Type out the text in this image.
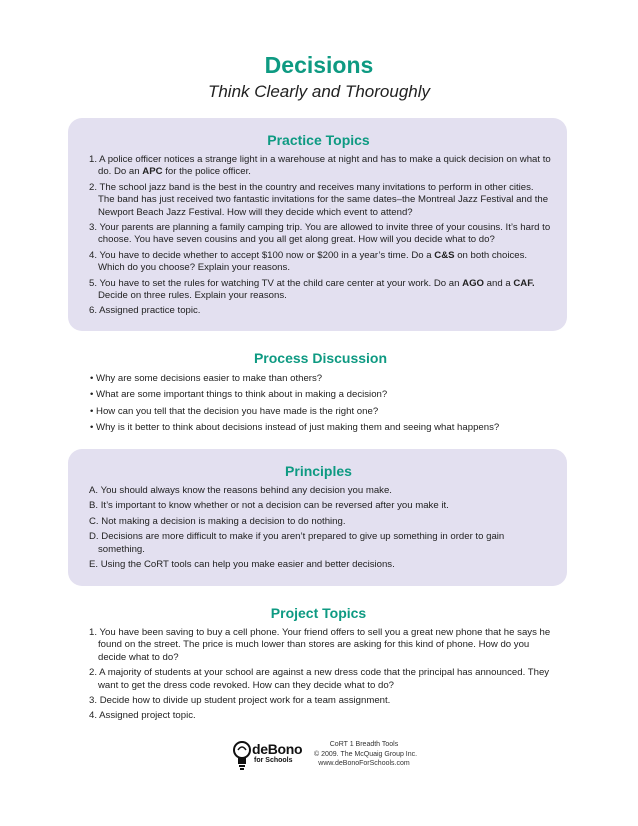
Decisions
Think Clearly and Thoroughly
Practice Topics
1. A police officer notices a strange light in a warehouse at night and has to make a quick decision on what to do. Do an APC for the police officer.
2. The school jazz band is the best in the country and receives many invitations to perform in other cities. The band has just received two fantastic invitations for the same dates–the Montreal Jazz Festival and the Newport Beach Jazz Festival. How will they decide which event to attend?
3. Your parents are planning a family camping trip. You are allowed to invite three of your cousins. It’s hard to choose. You have seven cousins and you all get along great. How will you decide what to do?
4. You have to decide whether to accept $100 now or $200 in a year’s time. Do a C&S on both choices. Which do you choose? Explain your reasons.
5. You have to set the rules for watching TV at the child care center at your work. Do an AGO and a CAF. Decide on three rules. Explain your reasons.
6. Assigned practice topic.
Process Discussion
• Why are some decisions easier to make than others?
• What are some important things to think about in making a decision?
• How can you tell that the decision you have made is the right one?
• Why is it better to think about decisions instead of just making them and seeing what happens?
Principles
A. You should always know the reasons behind any decision you make.
B. It’s important to know whether or not a decision can be reversed after you make it.
C. Not making a decision is making a decision to do nothing.
D. Decisions are more difficult to make if you aren’t prepared to give up something in order to gain something.
E. Using the CoRT tools can help you make easier and better decisions.
Project Topics
1. You have been saving to buy a cell phone. Your friend offers to sell you a great new phone that he says he found on the street. The price is much lower than stores are asking for this kind of phone. How do you decide what to do?
2. A majority of students at your school are against a new dress code that the principal has announced. They want to get the dress code revoked. How can they decide what to do?
3. Decide how to divide up student project work for a team assignment.
4. Assigned project topic.
deBono
for Schools
CoRT 1 Breadth Tools
© 2009. The McQuaig Group Inc.
www.deBonoForSchools.com
